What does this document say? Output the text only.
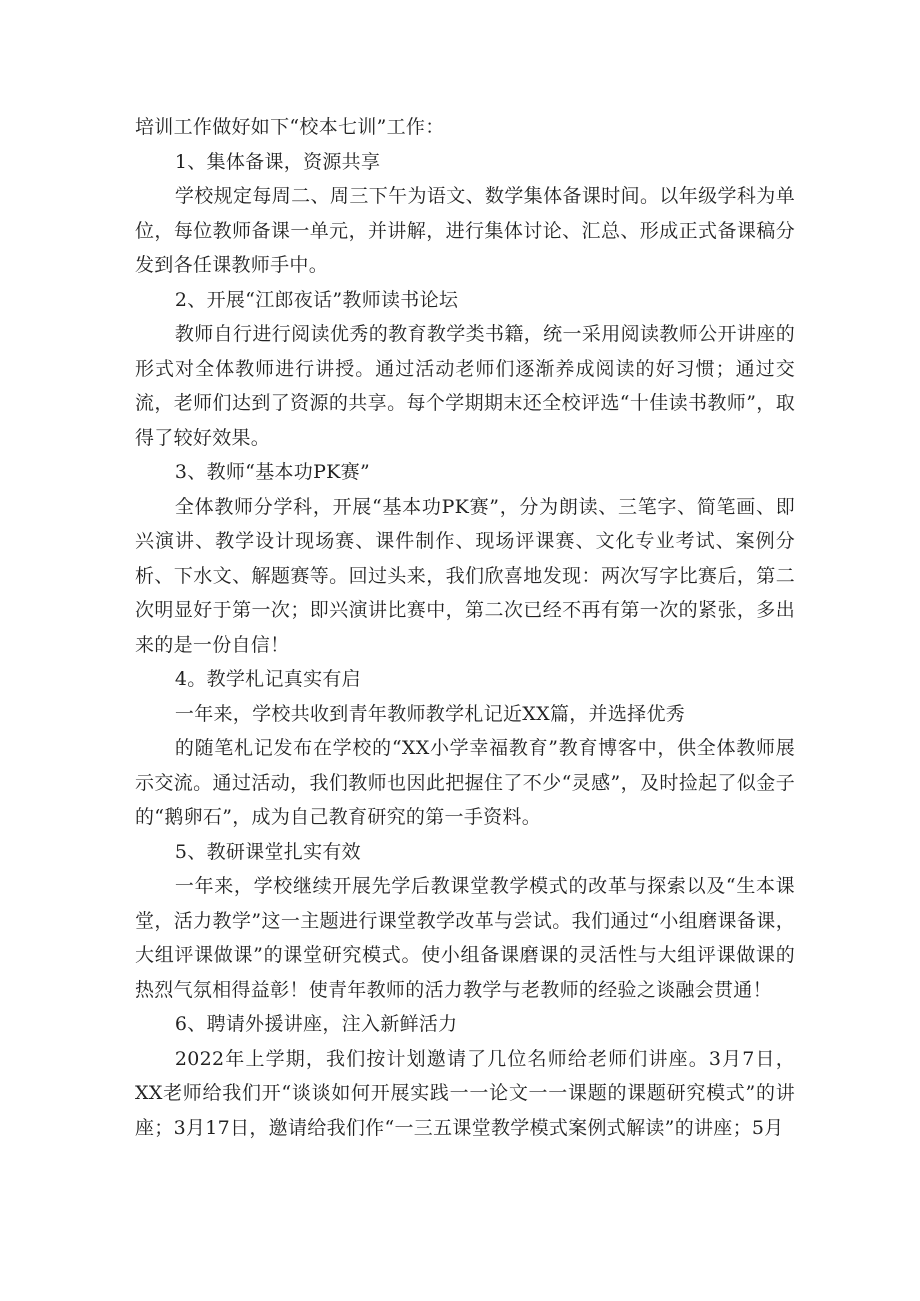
培训工作做好如下“校本七训”工作：

1、集体备课，资源共享

学校规定每周二、周三下午为语文、数学集体备课时间。以年级学科为单位，每位教师备课一单元，并讲解，进行集体讨论、汇总、形成正式备课稿分发到各任课教师手中。

2、开展“江郎夜话”教师读书论坛

教师自行进行阅读优秀的教育教学类书籍，统一采用阅读教师公开讲座的形式对全体教师进行讲授。通过活动老师们逐渐养成阅读的好习惯；通过交流，老师们达到了资源的共享。每个学期期末还全校评选“十佳读书教师”，取得了较好效果。

3、教师“基本功PK赛”

全体教师分学科，开展“基本功PK赛”，分为朗读、三笔字、简笔画、即兴演讲、教学设计现场赛、课件制作、现场评课赛、文化专业考试、案例分析、下水文、解题赛等。回过头来，我们欣喜地发现：两次写字比赛后，第二次明显好于第一次；即兴演讲比赛中，第二次已经不再有第一次的紧张，多出来的是一份自信！

4。教学札记真实有启

一年来，学校共收到青年教师教学札记近XX篇，并选择优秀

的随笔札记发布在学校的“XX小学幸福教育”教育博客中，供全体教师展示交流。通过活动，我们教师也因此把握住了不少“灵感”，及时捡起了似金子的“鹅卵石”，成为自己教育研究的第一手资料。

5、教研课堂扎实有效

一年来，学校继续开展先学后教课堂教学模式的改革与探索以及“生本课堂，活力教学”这一主题进行课堂教学改革与尝试。我们通过“小组磨课备课，大组评课做课”的课堂研究模式。使小组备课磨课的灵活性与大组评课做课的热烈气氛相得益彰！使青年教师的活力教学与老教师的经验之谈融会贯通！

6、聘请外援讲座，注入新鲜活力

2022年上学期，我们按计划邀请了几位名师给老师们讲座。3月7日，XX老师给我们开“谈谈如何开展实践一一论文一一课题的课题研究模式”的讲座；3月17日，邀请给我们作“一三五课堂教学模式案例式解读”的讲座；5月
